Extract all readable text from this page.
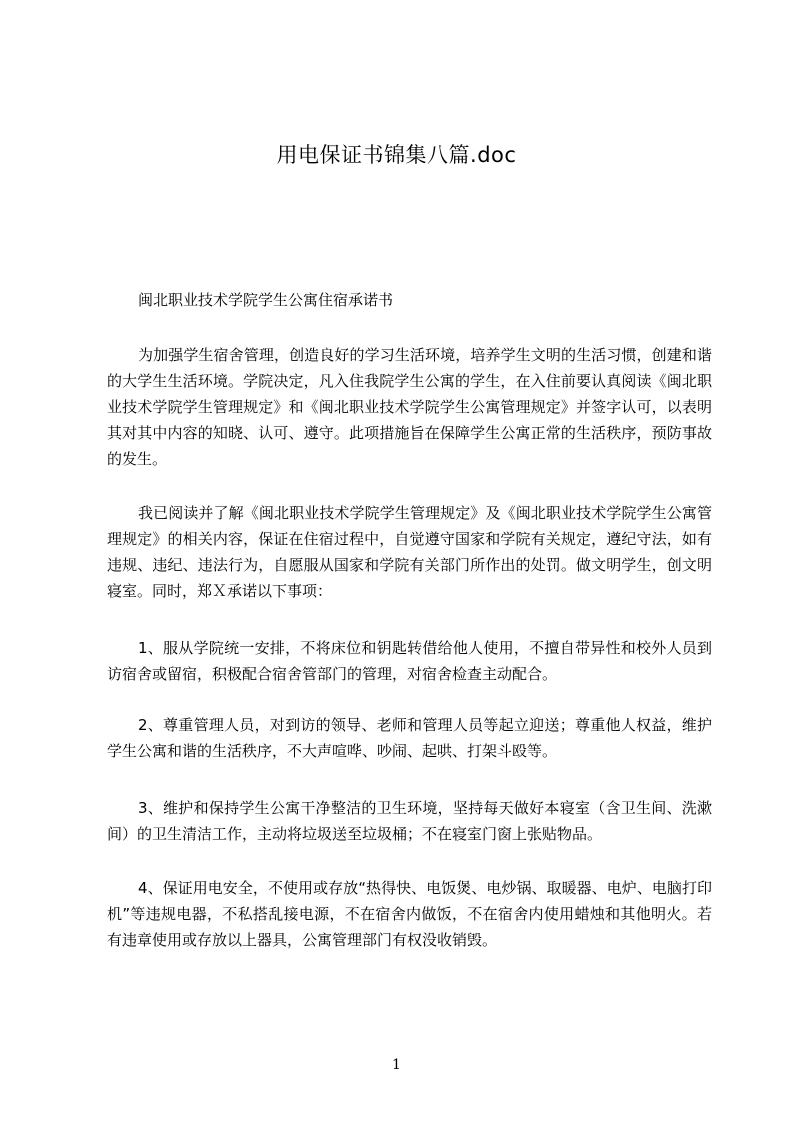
用电保证书锦集八篇.doc

闽北职业技术学院学生公寓住宿承诺书

为加强学生宿舍管理，创造良好的学习生活环境，培养学生文明的生活习惯，创建和谐的大学生生活环境。学院决定，凡入住我院学生公寓的学生，在入住前要认真阅读《闽北职业技术学院学生管理规定》和《闽北职业技术学院学生公寓管理规定》并签字认可，以表明其对其中内容的知晓、认可、遵守。此项措施旨在保障学生公寓正常的生活秩序，预防事故的发生。

我已阅读并了解《闽北职业技术学院学生管理规定》及《闽北职业技术学院学生公寓管理规定》的相关内容，保证在住宿过程中，自觉遵守国家和学院有关规定，遵纪守法，如有违规、违纪、违法行为，自愿服从国家和学院有关部门所作出的处罚。做文明学生，创文明寝室。同时，郑Ｘ承诺以下事项：

1、服从学院统一安排，不将床位和钥匙转借给他人使用，不擅自带异性和校外人员到访宿舍或留宿，积极配合宿舍管部门的管理，对宿舍检查主动配合。

2、尊重管理人员，对到访的领导、老师和管理人员等起立迎送；尊重他人权益，维护学生公寓和谐的生活秩序，不大声喧哗、吵闹、起哄、打架斗殴等。

3、维护和保持学生公寓干净整洁的卫生环境，坚持每天做好本寝室（含卫生间、洗漱间）的卫生清洁工作，主动将垃圾送至垃圾桶；不在寝室门窗上张贴物品。

4、保证用电安全，不使用或存放“热得快、电饭煲、电炒锅、取暖器、电炉、电脑打印机”等违规电器，不私搭乱接电源，不在宿舍内做饭，不在宿舍内使用蜡烛和其他明火。若有违章使用或存放以上器具，公寓管理部门有权没收销毁。

1
